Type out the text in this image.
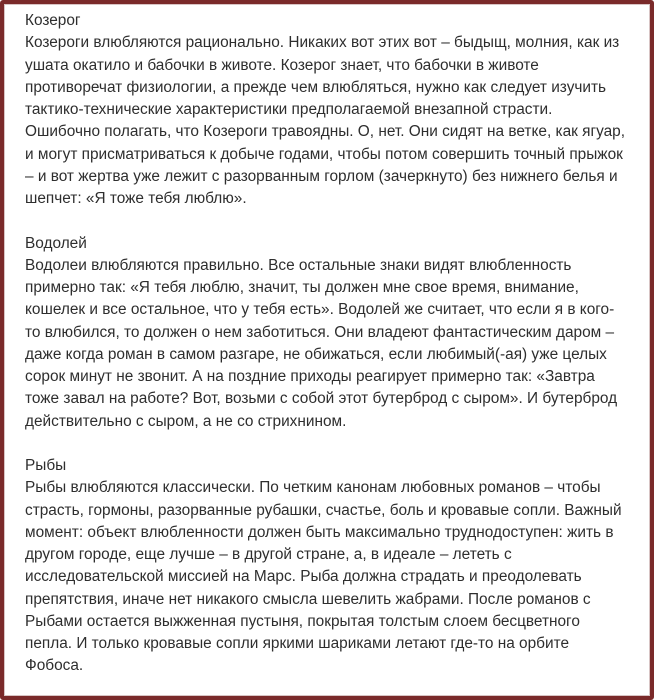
Козерог
Козероги влюбляются рационально. Никаких вот этих вот – быдыщ, молния, как из
ушата окатило и бабочки в животе. Козерог знает, что бабочки в животе
противоречат физиологии, а прежде чем влюбляться, нужно как следует изучить
тактико-технические характеристики предполагаемой внезапной страсти.
Ошибочно полагать, что Козероги травоядны. О, нет. Они сидят на ветке, как ягуар,
и могут присматриваться к добыче годами, чтобы потом совершить точный прыжок
– и вот жертва уже лежит с разорванным горлом (зачеркнуто) без нижнего белья и
шепчет: «Я тоже тебя люблю».
Водолей
Водолеи влюбляются правильно. Все остальные знаки видят влюбленность
примерно так: «Я тебя люблю, значит, ты должен мне свое время, внимание,
кошелек и все остальное, что у тебя есть». Водолей же считает, что если я в кого-
то влюбился, то должен о нем заботиться. Они владеют фантастическим даром –
даже когда роман в самом разгаре, не обижаться, если любимый(-ая) уже целых
сорок минут не звонит. А на поздние приходы реагирует примерно так: «Завтра
тоже завал на работе? Вот, возьми с собой этот бутерброд с сыром». И бутерброд
действительно с сыром, а не со стрихнином.
Рыбы
Рыбы влюбляются классически. По четким канонам любовных романов – чтобы
страсть, гормоны, разорванные рубашки, счастье, боль и кровавые сопли. Важный
момент: объект влюбленности должен быть максимально труднодоступен: жить в
другом городе, еще лучше – в другой стране, а, в идеале – лететь с
исследовательской миссией на Марс. Рыба должна страдать и преодолевать
препятствия, иначе нет никакого смысла шевелить жабрами. После романов с
Рыбами остается выжженная пустыня, покрытая толстым слоем бесцветного
пепла. И только кровавые сопли яркими шариками летают где-то на орбите
Фобоса.
